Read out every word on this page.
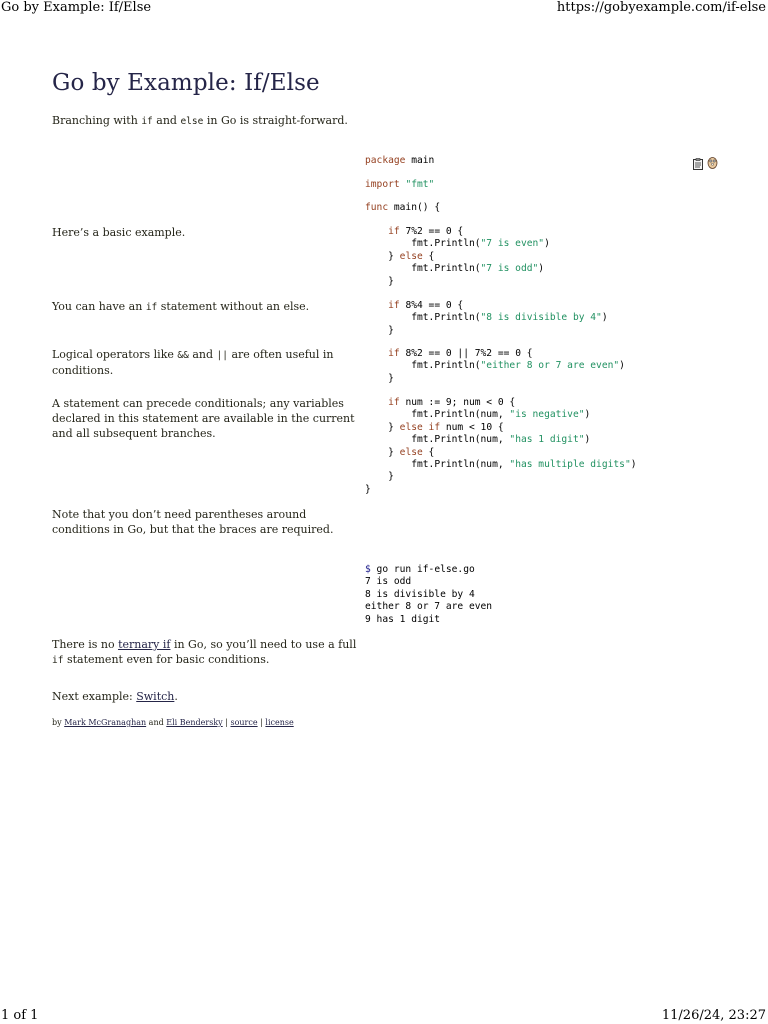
Go by Example: If/Else	https://gobyexample.com/if-else
Go by Example: If/Else
Branching with if and else in Go is straight-forward.
Here’s a basic example.
You can have an if statement without an else.
Logical operators like && and || are often useful in conditions.
A statement can precede conditionals; any variables declared in this statement are available in the current and all subsequent branches.
Note that you don’t need parentheses around conditions in Go, but that the braces are required.
There is no ternary if in Go, so you’ll need to use a full if statement even for basic conditions.
Next example: Switch.
by Mark McGranaghan and Eli Bendersky | source | license
package main
import "fmt"
func main() {
if 7%2 == 0 {
fmt.Println("7 is even")
} else {
fmt.Println("7 is odd")
}
if 8%4 == 0 {
fmt.Println("8 is divisible by 4")
}
if 8%2 == 0 || 7%2 == 0 {
fmt.Println("either 8 or 7 are even")
}
if num := 9; num < 0 {
fmt.Println(num, "is negative")
} else if num < 10 {
fmt.Println(num, "has 1 digit")
} else {
fmt.Println(num, "has multiple digits")
}
}
$ go run if-else.go
7 is odd
8 is divisible by 4
either 8 or 7 are even
9 has 1 digit
1 of 1	11/26/24, 23:27
